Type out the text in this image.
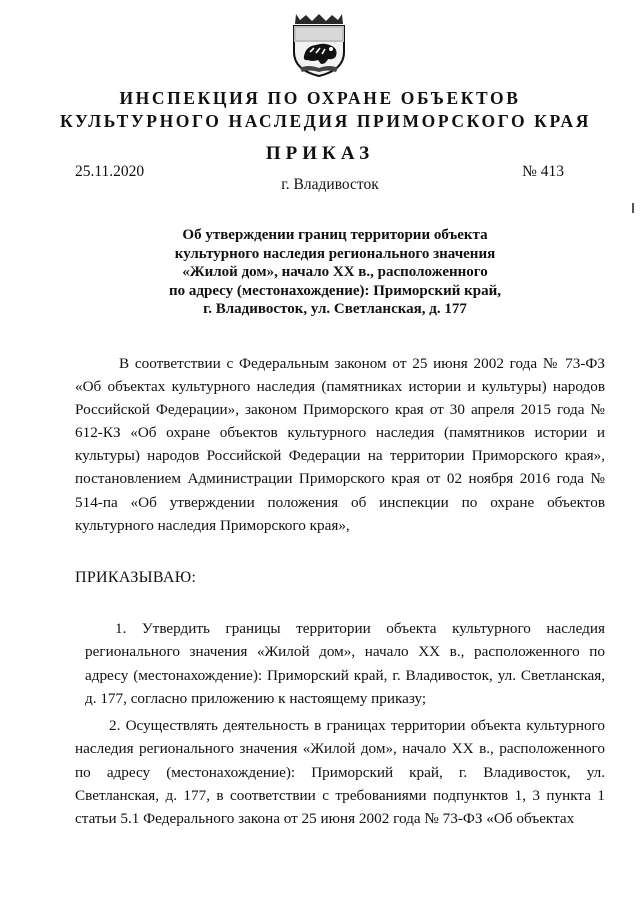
ИНСПЕКЦИЯ ПО ОХРАНЕ ОБЪЕКТОВ
КУЛЬТУРНОГО НАСЛЕДИЯ ПРИМОРСКОГО КРАЯ
ПРИКАЗ
25.11.2020	№ 413
г. Владивосток
Об утверждении границ территории объекта
культурного наследия регионального значения
«Жилой дом», начало XX в., расположенного
по адресу (местонахождение): Приморский край,
г. Владивосток, ул. Светланская, д. 177

В соответствии с Федеральным законом от 25 июня 2002 года № 73-ФЗ «Об объектах культурного наследия (памятниках истории и культуры) народов Российской Федерации», законом Приморского края от 30 апреля 2015 года № 612-КЗ «Об охране объектов культурного наследия (памятников истории и культуры) народов Российской Федерации на территории Приморского края», постановлением Администрации Приморского края от 02 ноября 2016 года № 514-па «Об утверждении положения об инспекции по охране объектов культурного наследия Приморского края»,

ПРИКАЗЫВАЮ:

1. Утвердить границы территории объекта культурного наследия регионального значения «Жилой дом», начало XX в., расположенного по адресу (местонахождение): Приморский край, г. Владивосток, ул. Светланская, д. 177, согласно приложению к настоящему приказу;

2. Осуществлять деятельность в границах территории объекта культурного наследия регионального значения «Жилой дом», начало XX в., расположенного по адресу (местонахождение): Приморский край, г. Владивосток, ул. Светланская, д. 177, в соответствии с требованиями подпунктов 1, 3 пункта 1 статьи 5.1 Федерального закона от 25 июня 2002 года № 73-ФЗ «Об объектах
